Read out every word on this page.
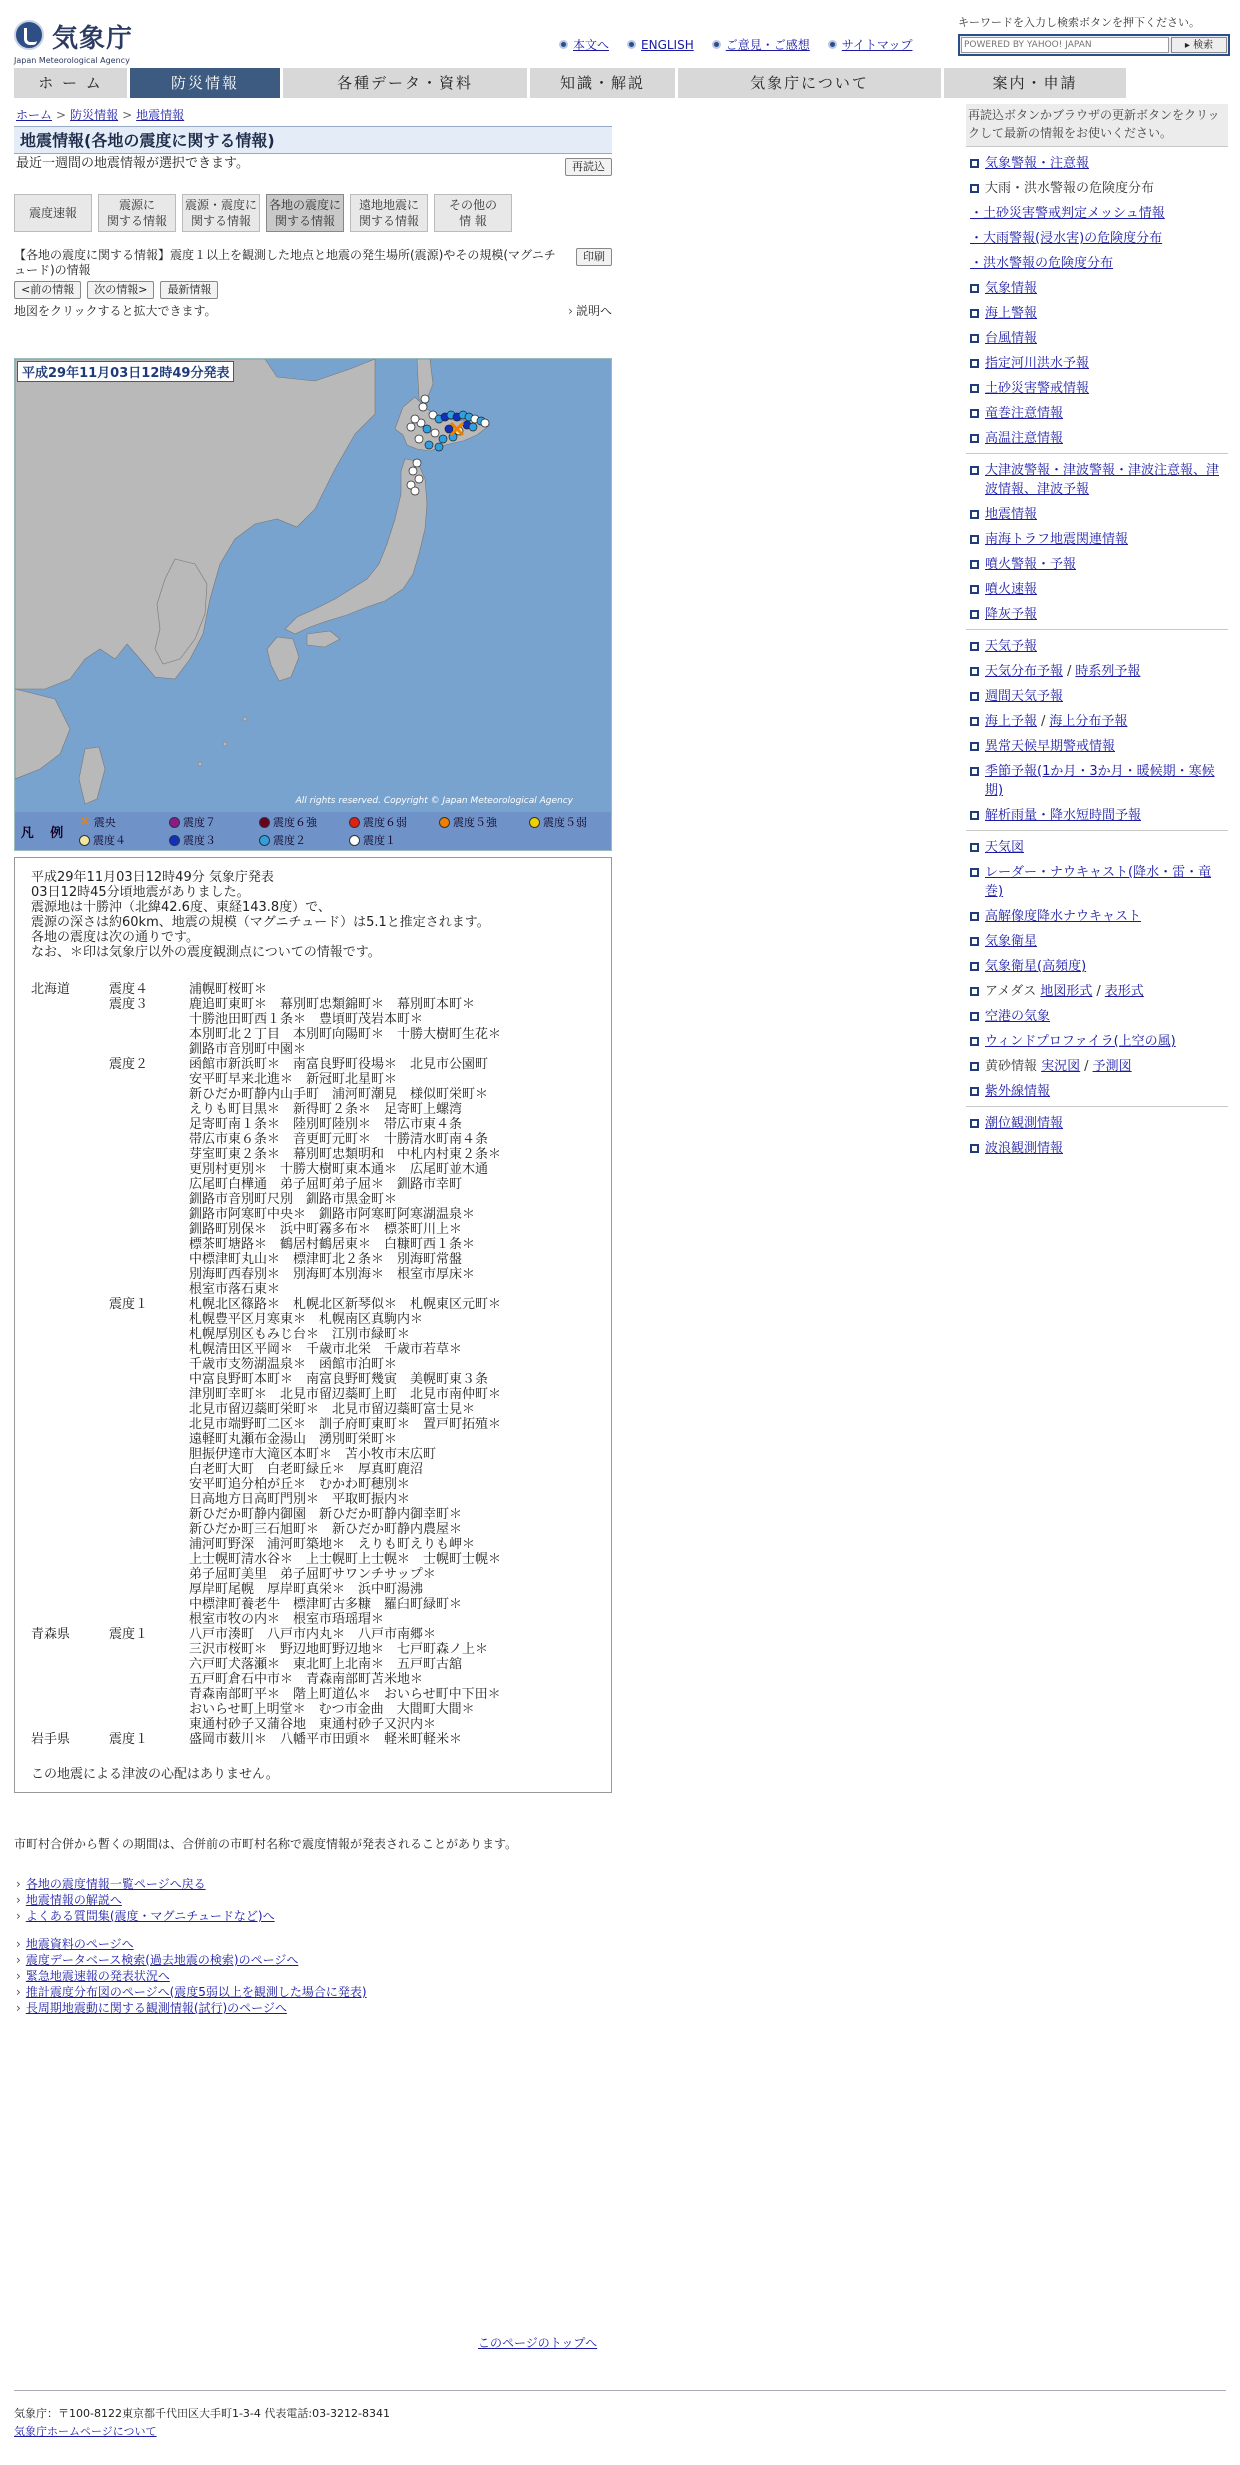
気象庁
Japan Meteorological Agency
本文へ	ENGLISH	ご意見・ご感想	サイトマップ
キーワードを入力し検索ボタンを押下ください。
POWERED BY YAHOO! JAPAN
▸ 検索
ホ ー ム	防災情報	各種データ・資料	知識・解説	気象庁について	案内・申請
ホーム > 防災情報 > 地震情報
地震情報(各地の震度に関する情報)
最近一週間の地震情報が選択できます。	再読込
震度速報
震源に
関する情報
震源・震度に
関する情報
各地の震度に
関する情報
遠地地震に
関する情報
その他の
情 報
【各地の震度に関する情報】震度１以上を観測した地点と地震の発生場所(震源)やその規模(マグニチュード)の情報
印刷
<前の情報	次の情報>	最新情報
地図をクリックすると拡大できます。	› 説明へ
平成29年11月03日12時49分発表
All rights reserved. Copyright © Japan Meteorological Agency
凡 例
✕ 震央	震度７	震度６強	震度６弱	震度５強	震度５弱
震度４	震度３	震度２	震度１
平成29年11月03日12時49分 気象庁発表
03日12時45分頃地震がありました。
震源地は十勝沖（北緯42.6度、東経143.8度）で、
震源の深さは約60km、地震の規模（マグニチュード）は5.1と推定されます。
各地の震度は次の通りです。
なお、＊印は気象庁以外の震度観測点についての情報です。
北海道	震度４	浦幌町桜町＊
震度３	鹿追町東町＊　幕別町忠類錦町＊　幕別町本町＊
十勝池田町西１条＊　豊頃町茂岩本町＊
本別町北２丁目　本別町向陽町＊　十勝大樹町生花＊
釧路市音別町中園＊
震度２	函館市新浜町＊　南富良野町役場＊　北見市公園町
安平町早来北進＊　新冠町北星町＊
新ひだか町静内山手町　浦河町潮見　様似町栄町＊
えりも町目黒＊　新得町２条＊　足寄町上螺湾
足寄町南１条＊　陸別町陸別＊　帯広市東４条
帯広市東６条＊　音更町元町＊　十勝清水町南４条
芽室町東２条＊　幕別町忠類明和　中札内村東２条＊
更別村更別＊　十勝大樹町東本通＊　広尾町並木通
広尾町白樺通　弟子屈町弟子屈＊　釧路市幸町
釧路市音別町尺別　釧路市黒金町＊
釧路市阿寒町中央＊　釧路市阿寒町阿寒湖温泉＊
釧路町別保＊　浜中町霧多布＊　標茶町川上＊
標茶町塘路＊　鶴居村鶴居東＊　白糠町西１条＊
中標津町丸山＊　標津町北２条＊　別海町常盤
別海町西春別＊　別海町本別海＊　根室市厚床＊
根室市落石東＊
震度１	札幌北区篠路＊　札幌北区新琴似＊　札幌東区元町＊
札幌豊平区月寒東＊　札幌南区真駒内＊
札幌厚別区もみじ台＊　江別市緑町＊
札幌清田区平岡＊　千歳市北栄　千歳市若草＊
千歳市支笏湖温泉＊　函館市泊町＊
中富良野町本町＊　南富良野町幾寅　美幌町東３条
津別町幸町＊　北見市留辺蘂町上町　北見市南仲町＊
北見市留辺蘂町栄町＊　北見市留辺蘂町富士見＊
北見市端野町二区＊　訓子府町東町＊　置戸町拓殖＊
遠軽町丸瀬布金湯山　湧別町栄町＊
胆振伊達市大滝区本町＊　苫小牧市末広町
白老町大町　白老町緑丘＊　厚真町鹿沼
安平町追分柏が丘＊　むかわ町穂別＊
日高地方日高町門別＊　平取町振内＊
新ひだか町静内御園　新ひだか町静内御幸町＊
新ひだか町三石旭町＊　新ひだか町静内農屋＊
浦河町野深　浦河町築地＊　えりも町えりも岬＊
上士幌町清水谷＊　上士幌町上士幌＊　士幌町士幌＊
弟子屈町美里　弟子屈町サワンチサップ＊
厚岸町尾幌　厚岸町真栄＊　浜中町湯沸
中標津町養老牛　標津町古多糠　羅臼町緑町＊
根室市牧の内＊　根室市珸瑶瑁＊
青森県	震度１	八戸市湊町　八戸市内丸＊　八戸市南郷＊
三沢市桜町＊　野辺地町野辺地＊　七戸町森ノ上＊
六戸町犬落瀬＊　東北町上北南＊　五戸町古舘
五戸町倉石中市＊　青森南部町苫米地＊
青森南部町平＊　階上町道仏＊　おいらせ町中下田＊
おいらせ町上明堂＊　むつ市金曲　大間町大間＊
東通村砂子又蒲谷地　東通村砂子又沢内＊
岩手県	震度１	盛岡市薮川＊　八幡平市田頭＊　軽米町軽米＊
この地震による津波の心配はありません。
市町村合併から暫くの期間は、合併前の市町村名称で震度情報が発表されることがあります。
› 各地の震度情報一覧ページへ戻る
› 地震情報の解説へ
› よくある質問集(震度・マグニチュードなど)へ
› 地震資料のページへ
› 震度データベース検索(過去地震の検索)のページへ
› 緊急地震速報の発表状況へ
› 推計震度分布図のページへ(震度5弱以上を観測した場合に発表)
› 長周期地震動に関する観測情報(試行)のページへ
このページのトップへ
気象庁：〒100-8122東京都千代田区大手町1-3-4 代表電話:03-3212-8341
気象庁ホームページについて
再読込ボタンかブラウザの更新ボタンをクリックして最新の情報をお使いください。
気象警報・注意報
大雨・洪水警報の危険度分布
・ 土砂災害警戒判定メッシュ情報
・ 大雨警報(浸水害)の危険度分布
・ 洪水警報の危険度分布
気象情報
海上警報
台風情報
指定河川洪水予報
土砂災害警戒情報
竜巻注意情報
高温注意情報
大津波警報・津波警報・津波注意報、津波情報、津波予報
地震情報
南海トラフ地震関連情報
噴火警報・予報
噴火速報
降灰予報
天気予報
天気分布予報 / 時系列予報
週間天気予報
海上予報 / 海上分布予報
異常天候早期警戒情報
季節予報(1か月・3か月・暖候期・寒候期)
解析雨量・降水短時間予報
天気図
レーダー・ナウキャスト(降水・雷・竜巻)
高解像度降水ナウキャスト
気象衛星
気象衛星(高頻度)
アメダス 地図形式 / 表形式
空港の気象
ウィンドプロファイラ(上空の風)
黄砂情報 実況図 / 予測図
紫外線情報
潮位観測情報
波浪観測情報
